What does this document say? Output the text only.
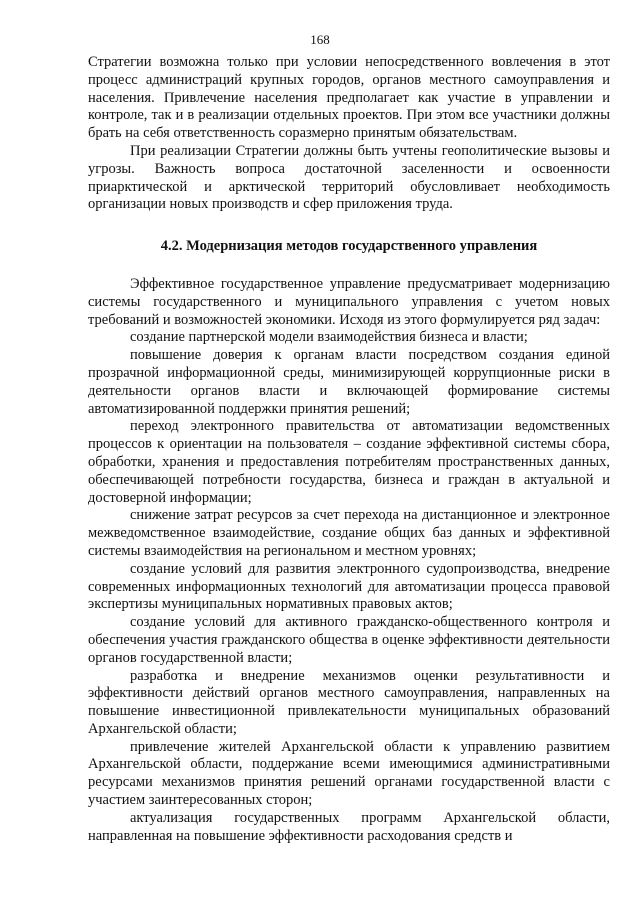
168

Стратегии возможна только при условии непосредственного вовлечения в этот процесс администраций крупных городов, органов местного самоуправления и населения. Привлечение населения предполагает как участие в управлении и контроле, так и в реализации отдельных проектов. При этом все участники должны брать на себя ответственность соразмерно принятым обязательствам.

При реализации Стратегии должны быть учтены геополитические вызовы и угрозы. Важность вопроса достаточной заселенности и освоенности приарктической и арктической территорий обусловливает необходимость организации новых производств и сфер приложения труда.

4.2. Модернизация методов государственного управления

Эффективное государственное управление предусматривает модернизацию системы государственного и муниципального управления с учетом новых требований и возможностей экономики. Исходя из этого формулируется ряд задач:

создание партнерской модели взаимодействия бизнеса и власти;

повышение доверия к органам власти посредством создания единой прозрачной информационной среды, минимизирующей коррупционные риски в деятельности органов власти и включающей формирование системы автоматизированной поддержки принятия решений;

переход электронного правительства от автоматизации ведомственных процессов к ориентации на пользователя – создание эффективной системы сбора, обработки, хранения и предоставления потребителям пространственных данных, обеспечивающей потребности государства, бизнеса и граждан в актуальной и достоверной информации;

снижение затрат ресурсов за счет перехода на дистанционное и электронное межведомственное взаимодействие, создание общих баз данных и эффективной системы взаимодействия на региональном и местном уровнях;

создание условий для развития электронного судопроизводства, внедрение современных информационных технологий для автоматизации процесса правовой экспертизы муниципальных нормативных правовых актов;

создание условий для активного гражданско-общественного контроля и обеспечения участия гражданского общества в оценке эффективности деятельности органов государственной власти;

разработка и внедрение механизмов оценки результативности и эффективности действий органов местного самоуправления, направленных на повышение инвестиционной привлекательности муниципальных образований Архангельской области;

привлечение жителей Архангельской области к управлению развитием Архангельской области, поддержание всеми имеющимися административными ресурсами механизмов принятия решений органами государственной власти с участием заинтересованных сторон;

актуализация государственных программ Архангельской области, направленная на повышение эффективности расходования средств и
